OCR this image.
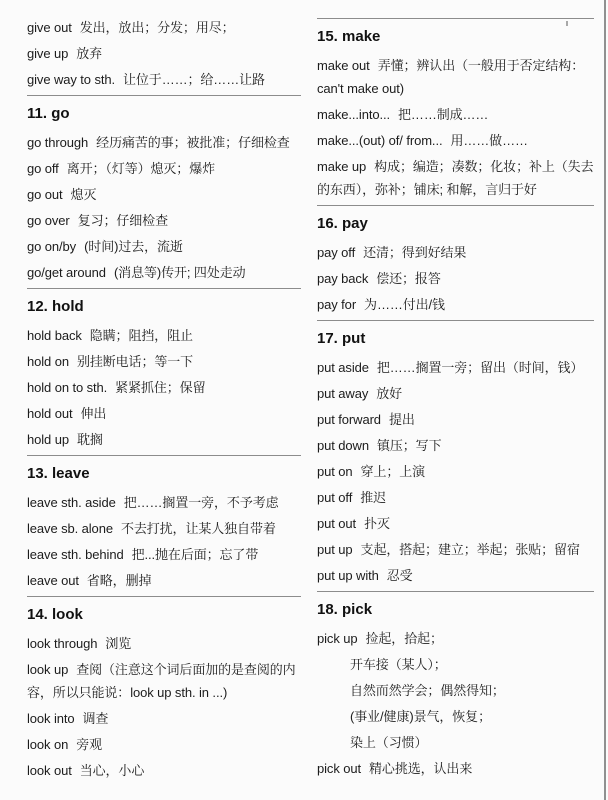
give out 发出，放出；分发；用尽；
give up 放弃
give way to sth. 让位于……；给……让路
11. go
go through 经历痛苦的事；被批准；仔细检查
go off 离开；（灯等）熄灭；爆炸
go out 熄灭
go over 复习；仔细检查
go on/by (时间)过去，流逝
go/get around (消息等)传开; 四处走动
12. hold
hold back 隐瞒；阻挡，阻止
hold on 别挂断电话；等一下
hold on to sth. 紧紧抓住；保留
hold out 伸出
hold up 耽搁
13. leave
leave sth. aside 把……搁置一旁，不予考虑
leave sb. alone 不去打扰，让某人独自带着
leave sth. behind 把...抛在后面；忘了带
leave out 省略，删掉
14. look
look through 浏览
look up 查阅（注意这个词后面加的是查阅的内容，所以只能说：look up sth. in ...)
look into 调查
look on 旁观
look out 当心，小心
15. make
make out 弄懂；辨认出（一般用于否定结构：can't make out)
make...into... 把……制成……
make...(out) of/ from... 用……做……
make up 构成；编造；凑数；化妆；补上（失去的东西），弥补；铺床; 和解，言归于好
16. pay
pay off 还清；得到好结果
pay back 偿还；报答
pay for 为……付出/钱
17. put
put aside 把……搁置一旁；留出（时间，钱）
put away 放好
put forward 提出
put down 镇压；写下
put on 穿上；上演
put off 推迟
put out 扑灭
put up 支起，搭起；建立；举起；张贴；留宿
put up with 忍受
18. pick
pick up 捡起，拾起；
开车接（某人）；
自然而然学会；偶然得知；
(事业/健康)景气，恢复；
染上（习惯）
pick out 精心挑选，认出来
